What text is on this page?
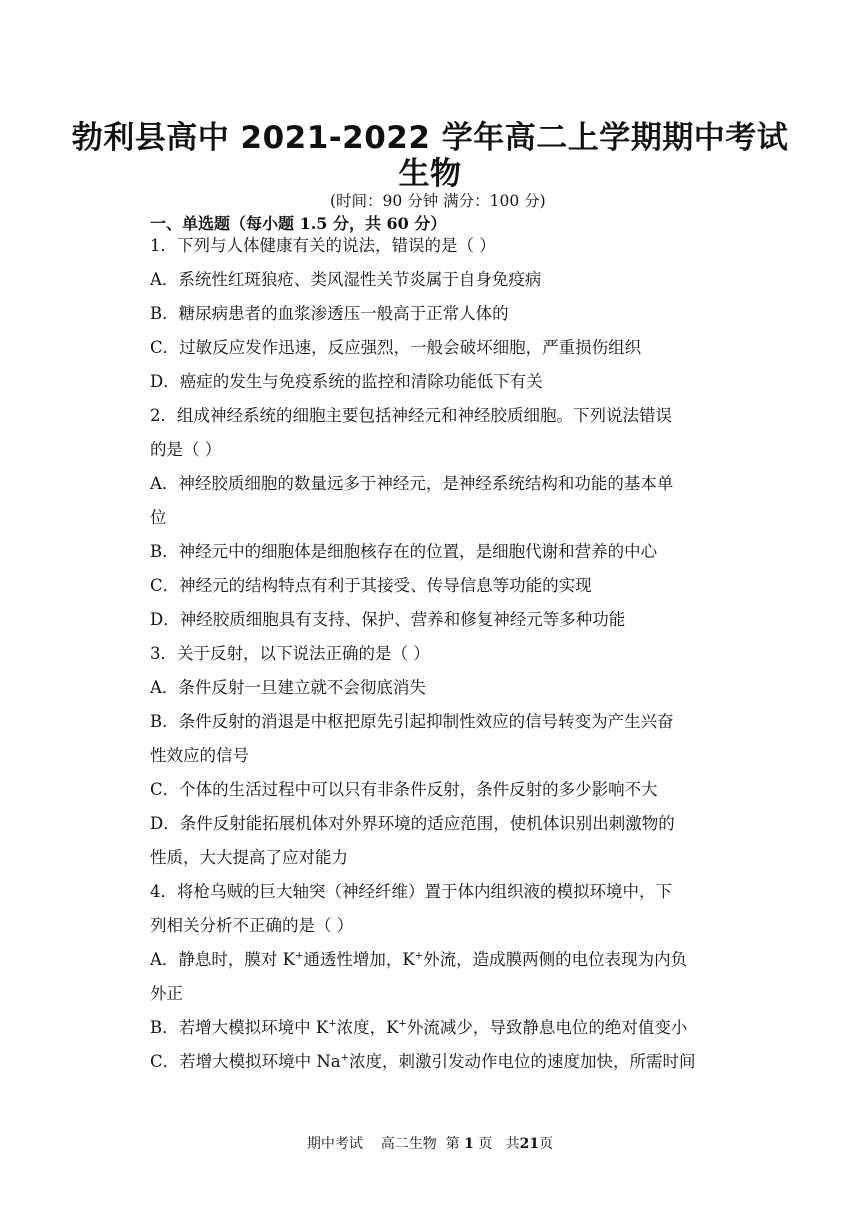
勃利县高中 2021-2022 学年高二上学期期中考试
生物
(时间：90 分钟 满分：100 分)
一、单选题（每小题 1.5 分，共 60 分）
1．下列与人体健康有关的说法，错误的是（ ）
A．系统性红斑狼疮、类风湿性关节炎属于自身免疫病
B．糖尿病患者的血浆渗透压一般高于正常人体的
C．过敏反应发作迅速，反应强烈，一般会破坏细胞，严重损伤组织
D．癌症的发生与免疫系统的监控和清除功能低下有关
2．组成神经系统的细胞主要包括神经元和神经胶质细胞。下列说法错误
的是（ ）
A．神经胶质细胞的数量远多于神经元，是神经系统结构和功能的基本单
位
B．神经元中的细胞体是细胞核存在的位置，是细胞代谢和营养的中心
C．神经元的结构特点有利于其接受、传导信息等功能的实现
D．神经胶质细胞具有支持、保护、营养和修复神经元等多种功能
3．关于反射，以下说法正确的是（ ）
A．条件反射一旦建立就不会彻底消失
B．条件反射的消退是中枢把原先引起抑制性效应的信号转变为产生兴奋
性效应的信号
C．个体的生活过程中可以只有非条件反射，条件反射的多少影响不大
D．条件反射能拓展机体对外界环境的适应范围，使机体识别出刺激物的
性质，大大提高了应对能力
4．将枪乌贼的巨大轴突（神经纤维）置于体内组织液的模拟环境中，下
列相关分析不正确的是（ ）
A．静息时，膜对 K+通透性增加，K+外流，造成膜两侧的电位表现为内负
外正
B．若增大模拟环境中 K+浓度，K+外流减少，导致静息电位的绝对值变小
C．若增大模拟环境中 Na+浓度，刺激引发动作电位的速度加快，所需时间
期中考试 高二生物 第 1 页 共21页
